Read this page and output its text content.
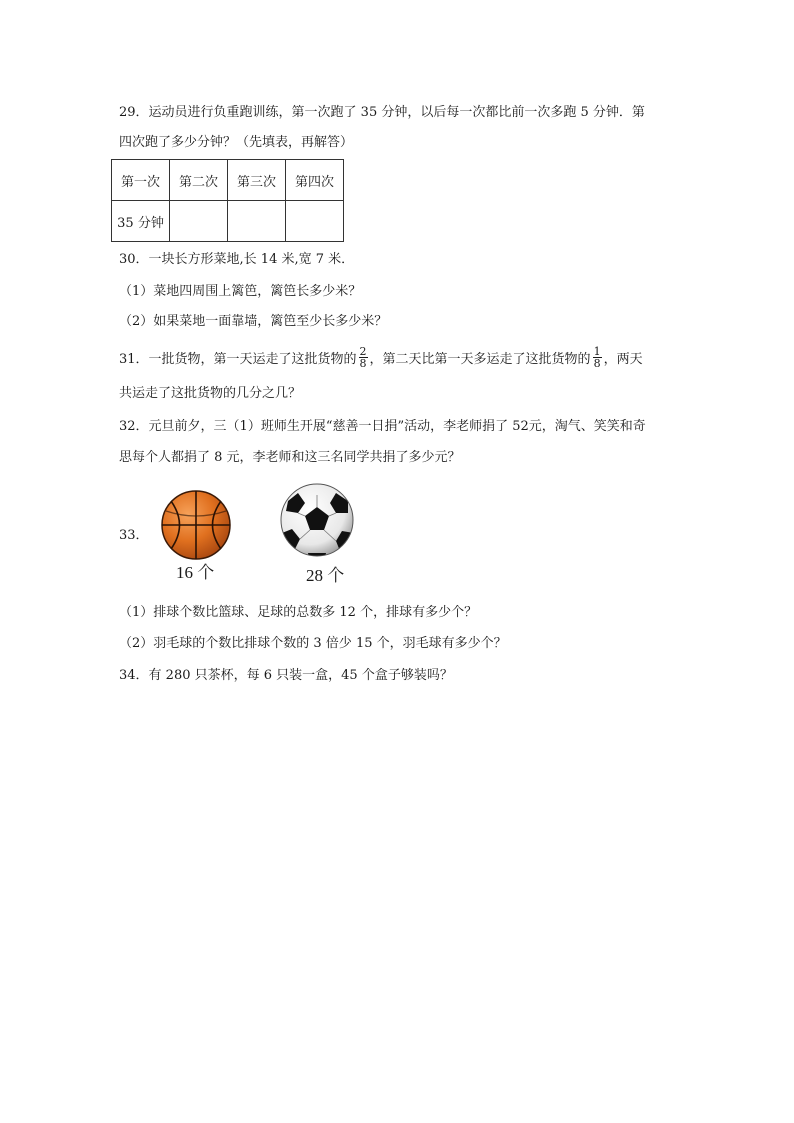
29．运动员进行负重跑训练，第一次跑了 35 分钟，以后每一次都比前一次多跑 5 分钟．第
四次跑了多少分钟？（先填表，再解答）
第一次	第二次	第三次	第四次
35 分钟			
30．一块长方形菜地,长 14 米,宽 7 米．
（1）菜地四周围上篱笆，篱笆长多少米？
（2）如果菜地一面靠墙，篱笆至少长多少米？
31．一批货物，第一天运走了这批货物的 $\frac{2}{8}$ ，第二天比第一天多运走了这批货物的 $\frac{1}{8}$ ，两天
共运走了这批货物的几分之几？
32．元旦前夕，三（1）班师生开展“慈善一日捐”活动，李老师捐了 52元，淘气、笑笑和奇
思每个人都捐了 8 元，李老师和这三名同学共捐了多少元？
33．
16 个	28 个
（1）排球个数比篮球、足球的总数多 12 个，排球有多少个？
（2）羽毛球的个数比排球个数的 3 倍少 15 个，羽毛球有多少个？
34．有 280 只茶杯，每 6 只装一盒，45 个盒子够装吗？
